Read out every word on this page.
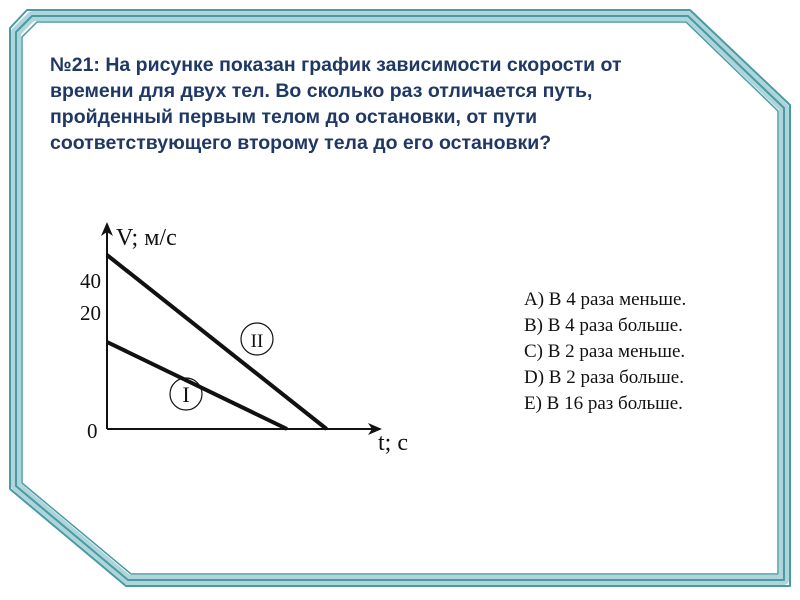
№21: На рисунке показан график зависимости скорости от
времени для двух тел. Во сколько раз отличается путь,
пройденный первым телом до остановки, от пути
соответствующего второму тела до его остановки?
V; м/с
t; с
0
40
20
I
II
A) В 4 раза меньше.
B) В 4 раза больше.
C) В 2 раза меньше.
D) В 2 раза больше.
E) В 16 раз больше.
